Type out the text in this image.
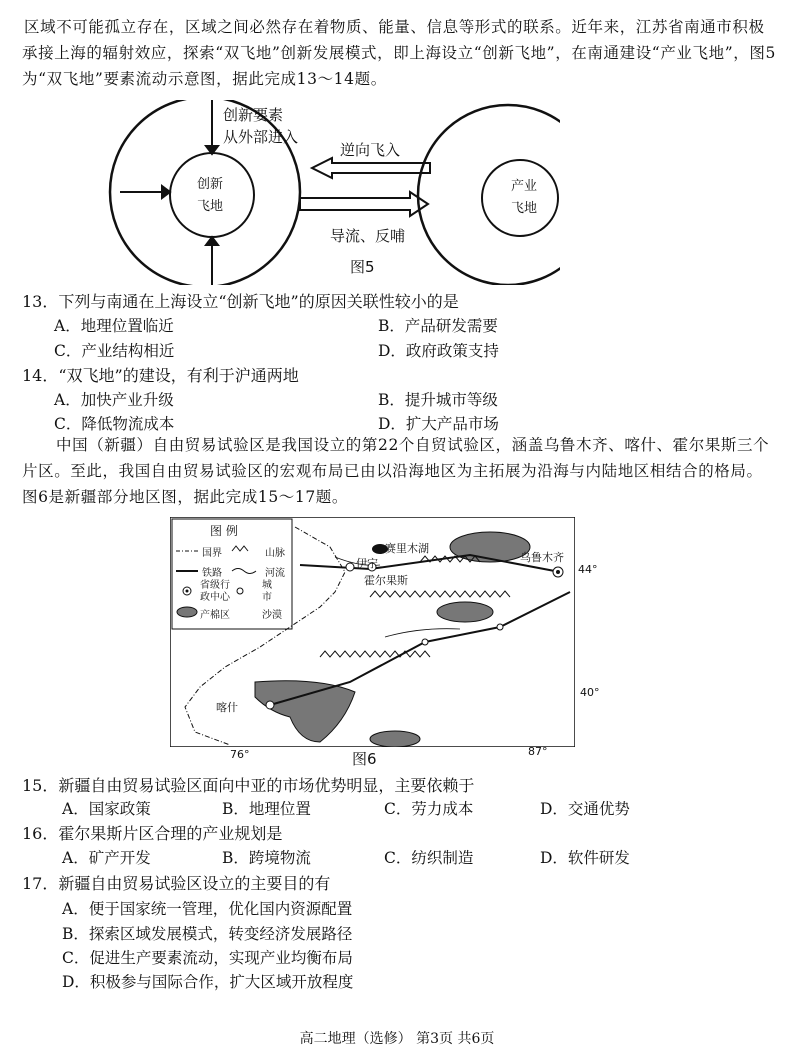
区域不可能孤立存在，区域之间必然存在着物质、能量、信息等形式的联系。近年来，江苏省南通市积极承接上海的辐射效应，探索“双飞地”创新发展模式，即上海设立“创新飞地”，在南通建设“产业飞地”，图5为“双飞地”要素流动示意图，据此完成13～14题。
创新要素
从外部进入
创新
飞地
逆向飞入
导流、反哺
产业
飞地
图5
13．下列与南通在上海设立“创新飞地”的原因关联性较小的是
A．地理位置临近	B．产品研发需要
C．产业结构相近	D．政府政策支持
14．“双飞地”的建设，有利于沪通两地
A．加快产业升级	B．提升城市等级
C．降低物流成本	D．扩大产品市场
中国（新疆）自由贸易试验区是我国设立的第22个自贸试验区，涵盖乌鲁木齐、喀什、霍尔果斯三个片区。至此，我国自由贸易试验区的宏观布局已由以沿海地区为主拓展为沿海与内陆地区相结合的格局。图6是新疆部分地区图，据此完成15～17题。
图 例
国界	山脉
铁路	河流
省级行
政中心
城
市
产棉区	沙漠
赛里木湖
伊宁
霍尔果斯
乌鲁木齐
喀什
44°
40°
76°	87°
图6
15．新疆自由贸易试验区面向中亚的市场优势明显，主要依赖于
A．国家政策	B．地理位置	C．劳力成本	D．交通优势
16．霍尔果斯片区合理的产业规划是
A．矿产开发	B．跨境物流	C．纺织制造	D．软件研发
17．新疆自由贸易试验区设立的主要目的有
A．便于国家统一管理，优化国内资源配置
B．探索区域发展模式，转变经济发展路径
C．促进生产要素流动，实现产业均衡布局
D．积极参与国际合作，扩大区域开放程度
高二地理（选修） 第3页 共6页
